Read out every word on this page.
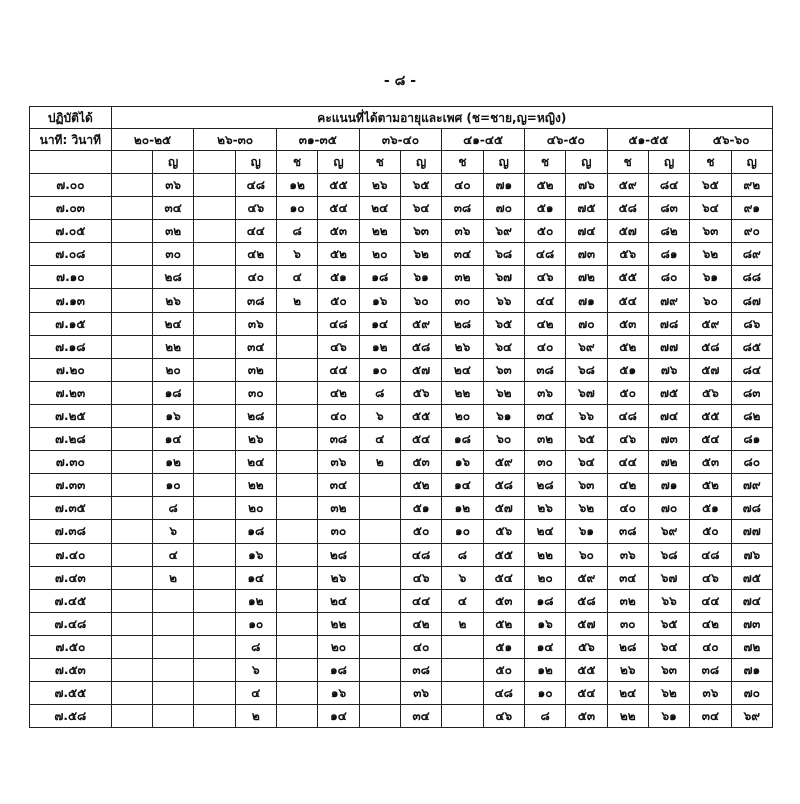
- ๘ -
ปฏิบัติได้	คะแนนที่ได้ตามอายุและเพศ (ช=ชาย,ญ=หญิง)															
นาที: วินาที	๒๐-๒๕		๒๖-๓๐		๓๑-๓๕		๓๖-๔๐		๔๑-๔๕		๔๖-๕๐		๕๑-๕๕		๕๖-๖๐	
		ญ		ญ	ช	ญ	ช	ญ	ช	ญ	ช	ญ	ช	ญ	ช	ญ
๗.๐๐		๓๖		๔๘	๑๒	๕๕	๒๖	๖๕	๔๐	๗๑	๕๒	๗๖	๕๙	๘๔	๖๕	๙๒
๗.๐๓		๓๔		๔๖	๑๐	๕๔	๒๔	๖๔	๓๘	๗๐	๕๑	๗๕	๕๘	๘๓	๖๔	๙๑
๗.๐๕		๓๒		๔๔	๘	๕๓	๒๒	๖๓	๓๖	๖๙	๕๐	๗๔	๕๗	๘๒	๖๓	๙๐
๗.๐๘		๓๐		๔๒	๖	๕๒	๒๐	๖๒	๓๔	๖๘	๔๘	๗๓	๕๖	๘๑	๖๒	๘๙
๗.๑๐		๒๘		๔๐	๔	๕๑	๑๘	๖๑	๓๒	๖๗	๔๖	๗๒	๕๕	๘๐	๖๑	๘๘
๗.๑๓		๒๖		๓๘	๒	๕๐	๑๖	๖๐	๓๐	๖๖	๔๔	๗๑	๕๔	๗๙	๖๐	๘๗
๗.๑๕		๒๔		๓๖		๔๘	๑๔	๕๙	๒๘	๖๕	๔๒	๗๐	๕๓	๗๘	๕๙	๘๖
๗.๑๘		๒๒		๓๔		๔๖	๑๒	๕๘	๒๖	๖๔	๔๐	๖๙	๕๒	๗๗	๕๘	๘๕
๗.๒๐		๒๐		๓๒		๔๔	๑๐	๕๗	๒๔	๖๓	๓๘	๖๘	๕๑	๗๖	๕๗	๘๔
๗.๒๓		๑๘		๓๐		๔๒	๘	๕๖	๒๒	๖๒	๓๖	๖๗	๕๐	๗๕	๕๖	๘๓
๗.๒๕		๑๖		๒๘		๔๐	๖	๕๕	๒๐	๖๑	๓๔	๖๖	๔๘	๗๔	๕๕	๘๒
๗.๒๘		๑๔		๒๖		๓๘	๔	๕๔	๑๘	๖๐	๓๒	๖๕	๔๖	๗๓	๕๔	๘๑
๗.๓๐		๑๒		๒๔		๓๖	๒	๕๓	๑๖	๕๙	๓๐	๖๔	๔๔	๗๒	๕๓	๘๐
๗.๓๓		๑๐		๒๒		๓๔		๕๒	๑๔	๕๘	๒๘	๖๓	๔๒	๗๑	๕๒	๗๙
๗.๓๕		๘		๒๐		๓๒		๕๑	๑๒	๕๗	๒๖	๖๒	๔๐	๗๐	๕๑	๗๘
๗.๓๘		๖		๑๘		๓๐		๕๐	๑๐	๕๖	๒๔	๖๑	๓๘	๖๙	๕๐	๗๗
๗.๔๐		๔		๑๖		๒๘		๔๘	๘	๕๕	๒๒	๖๐	๓๖	๖๘	๔๘	๗๖
๗.๔๓		๒		๑๔		๒๖		๔๖	๖	๕๔	๒๐	๕๙	๓๔	๖๗	๔๖	๗๕
๗.๔๕				๑๒		๒๔		๔๔	๔	๕๓	๑๘	๕๘	๓๒	๖๖	๔๔	๗๔
๗.๔๘				๑๐		๒๒		๔๒	๒	๕๒	๑๖	๕๗	๓๐	๖๕	๔๒	๗๓
๗.๕๐				๘		๒๐		๔๐		๕๑	๑๔	๕๖	๒๘	๖๔	๔๐	๗๒
๗.๕๓				๖		๑๘		๓๘		๕๐	๑๒	๕๕	๒๖	๖๓	๓๘	๗๑
๗.๕๕				๔		๑๖		๓๖		๔๘	๑๐	๕๔	๒๔	๖๒	๓๖	๗๐
๗.๕๘				๒		๑๔		๓๔		๔๖	๘	๕๓	๒๒	๖๑	๓๔	๖๙
